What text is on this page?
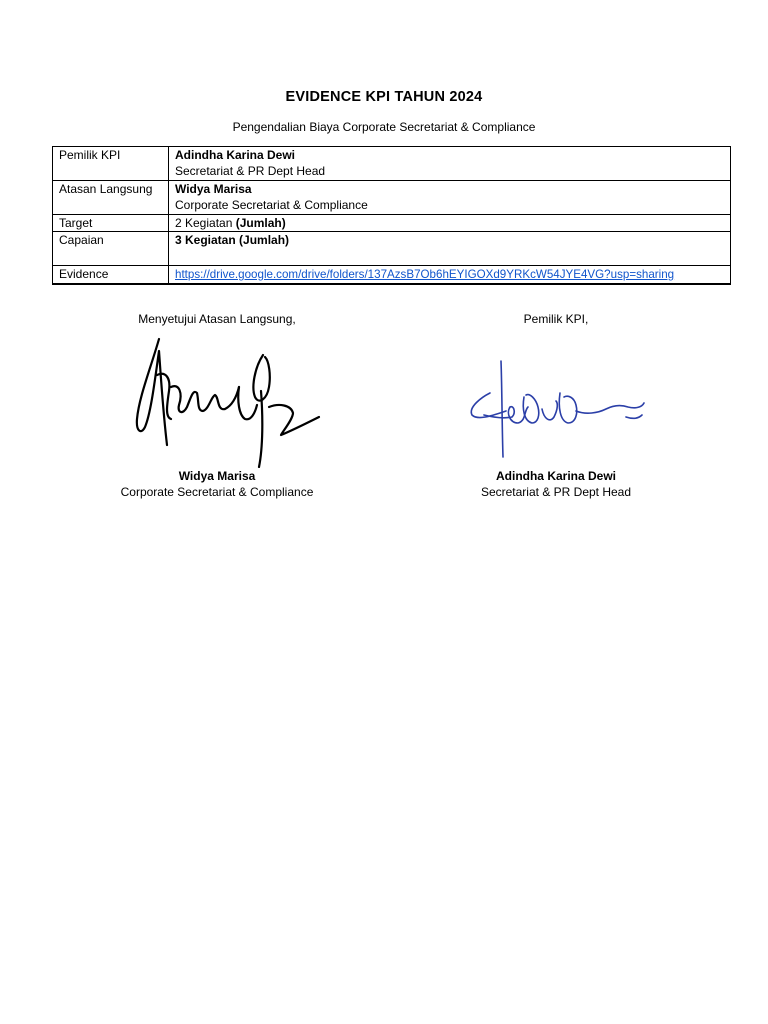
EVIDENCE KPI TAHUN 2024
Pengendalian Biaya Corporate Secretariat & Compliance
Pemilik KPI	Adindha Karina Dewi
Secretariat & PR Dept Head

Atasan Langsung	Widya Marisa
Corporate Secretariat & Compliance

Target	2 Kegiatan (Jumlah)
Capaian	3 Kegiatan (Jumlah)
Evidence	https://drive.google.com/drive/folders/137AzsB7Ob6hEYIGOXd9YRKcW54JYE4VG?usp=sharing
Menyetujui Atasan Langsung,
Widya Marisa
Corporate Secretariat & Compliance
Pemilik KPI,
Adindha Karina Dewi
Secretariat & PR Dept Head
